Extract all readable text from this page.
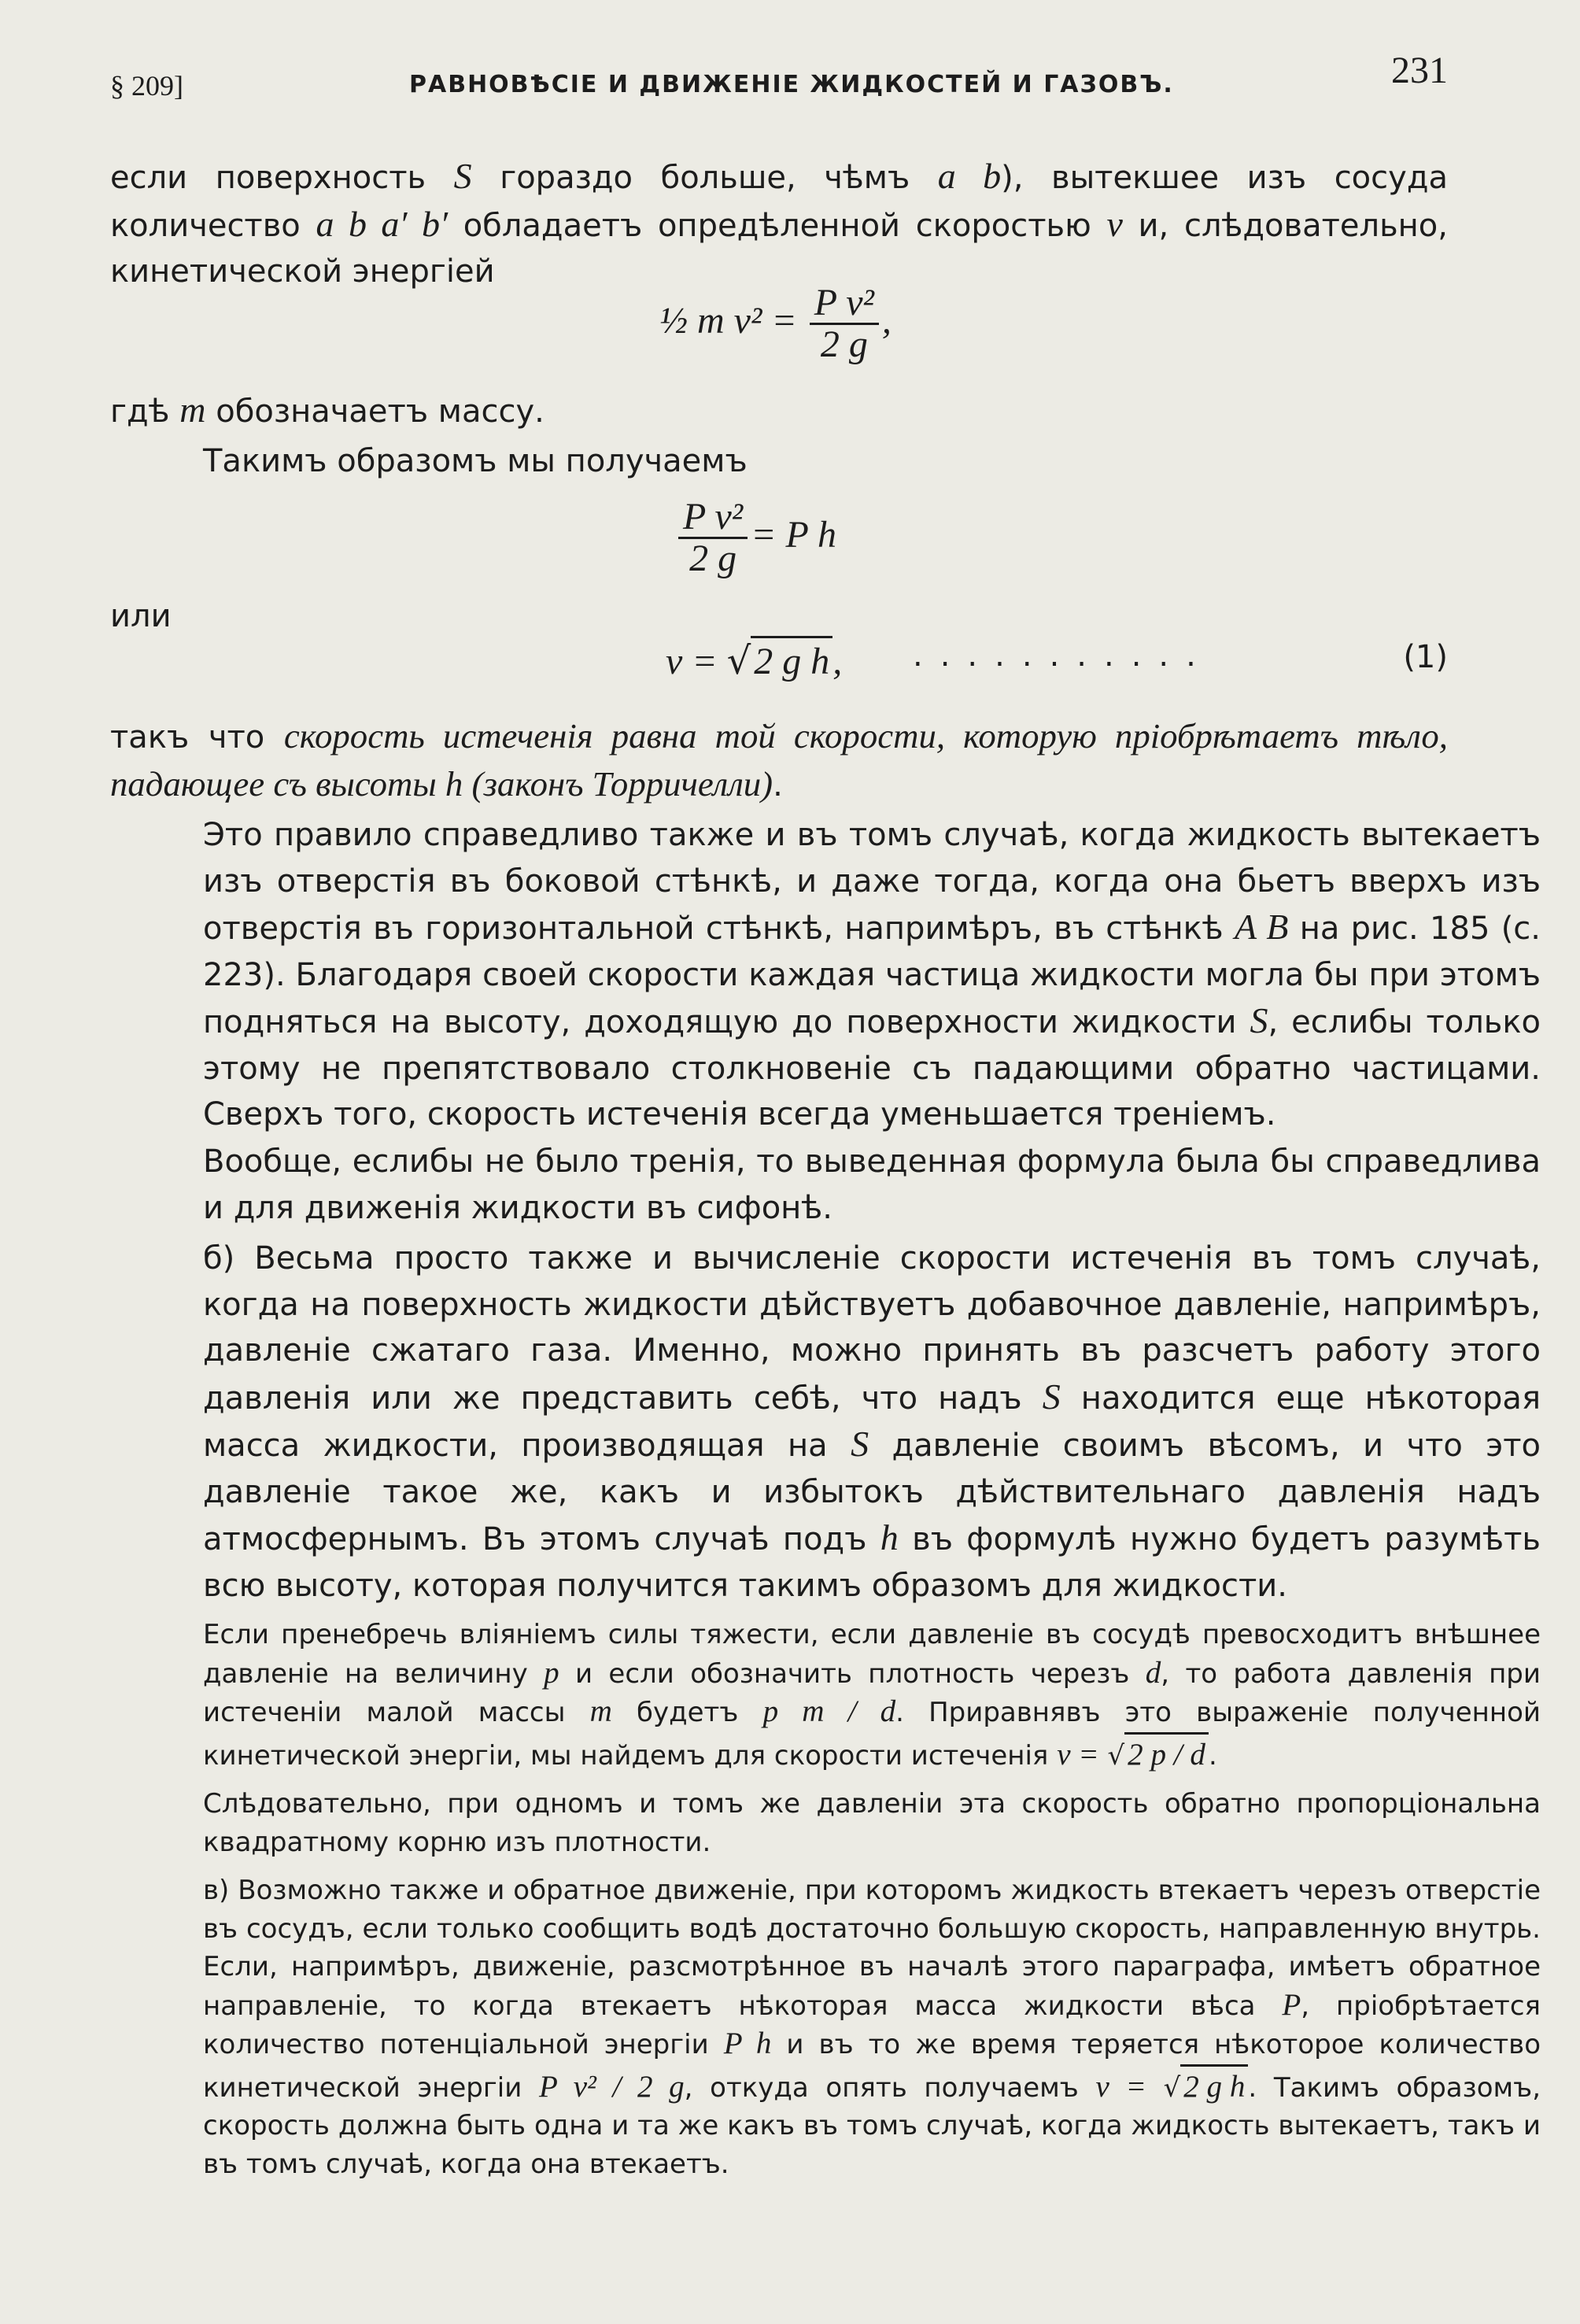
§ 209]	РАВНОВѢСІЕ И ДВИЖЕНІЕ ЖИДКОСТЕЙ И ГАЗОВЪ.	231

если поверхность S гораздо больше, чѣмъ a b), вытекшее изъ сосуда количество a b a′ b′ обладаетъ опредѣленной скоростью v и, слѣдовательно, кинетической энергіей

½ m $v^2 = \frac{\text{P v²}}{2 g}$ ,

гдѣ m обозначаетъ массу.

Такимъ образомъ мы получаемъ

$\frac{\text{P v²}}{2 g} = P$ h
или
v = √2 g h, ...........	(1)

такъ что скорость истеченія равна той скорости, которую пріобрѣтаетъ тѣло, падающее съ высоты h (законъ Торричелли).

Это правило справедливо также и въ томъ случаѣ, когда жидкость вытекаетъ изъ отверстія въ боковой стѣнкѣ, и даже тогда, когда она бьетъ вверхъ изъ отверстія въ горизонтальной стѣнкѣ, напримѣръ, въ стѣнкѣ A B на рис. 185 (с. 223). Благодаря своей скорости каждая частица жидкости могла бы при этомъ подняться на высоту, доходящую до поверхности жидкости S, еслибы только этому не препятствовало столкновеніе съ падающими обратно частицами. Сверхъ того, скорость истеченія всегда уменьшается треніемъ.

Вообще, еслибы не было тренія, то выведенная формула была бы справедлива и для движенія жидкости въ сифонѣ.

б) Весьма просто также и вычисленіе скорости истеченія въ томъ случаѣ, когда на поверхность жидкости дѣйствуетъ добавочное давленіе, напримѣръ, давленіе сжатаго газа. Именно, можно принять въ разсчетъ работу этого давленія или же представить себѣ, что надъ S находится еще нѣкоторая масса жидкости, производящая на S давленіе своимъ вѣсомъ, и что это давленіе такое же, какъ и избытокъ дѣйствительнаго давленія надъ атмосфернымъ. Въ этомъ случаѣ подъ h въ формулѣ нужно будетъ разумѣть всю высоту, которая получится такимъ образомъ для жидкости.

Если пренебречь вліяніемъ силы тяжести, если давленіе въ сосудѣ превосходитъ внѣшнее давленіе на величину p и если обозначить плотность черезъ d, то работа давленія при истеченіи малой массы m будетъ p m / d. Приравнявъ это выраженіе полученной кинетической энергіи, мы найдемъ для скорости истеченія v = √ 2 p / d .

Слѣдовательно, при одномъ и томъ же давленіи эта скорость обратно пропорціональна квадратному корню изъ плотности.

в) Возможно также и обратное движеніе, при которомъ жидкость втекаетъ черезъ отверстіе въ сосудъ, если только сообщить водѣ достаточно большую скорость, направленную внутрь. Если, напримѣръ, движеніе, разсмотрѣнное въ началѣ этого параграфа, имѣетъ обратное направленіе, то когда втекаетъ нѣкоторая масса жидкости вѣса P, пріобрѣтается количество потенціальной энергіи P h и въ то же время теряется нѣкоторое количество кинетической энергіи P v² / 2 g, откуда опять получаемъ v = √ 2 g h . Такимъ образомъ, скорость должна быть одна и та же какъ въ томъ случаѣ, когда жидкость вытекаетъ, такъ и въ томъ случаѣ, когда она втекаетъ.
